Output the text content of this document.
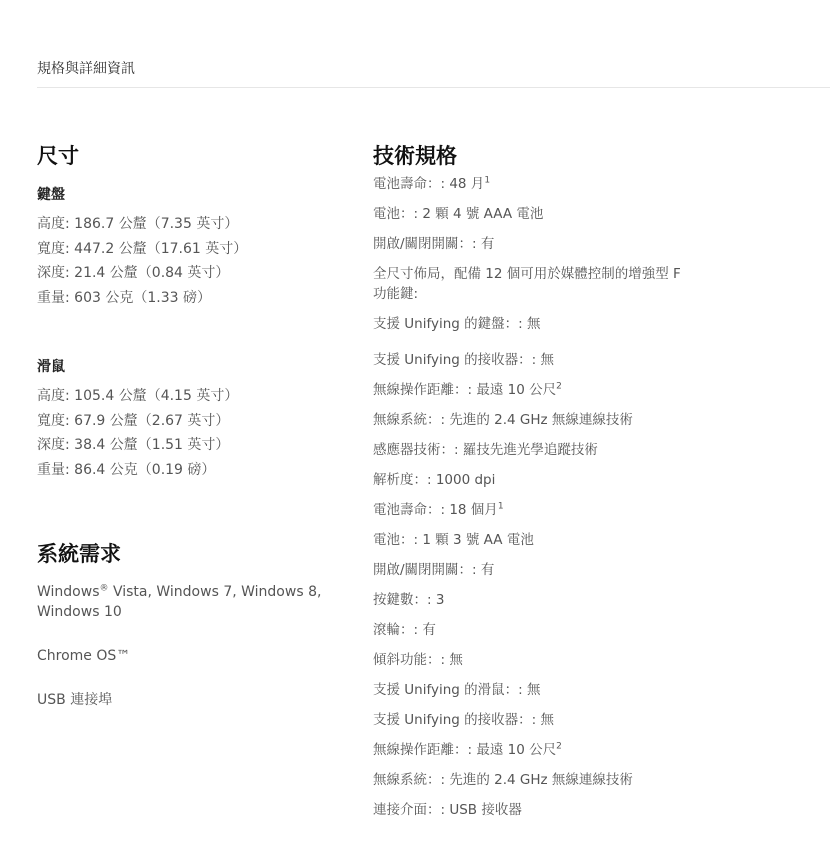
規格與詳細資訊
尺寸
鍵盤
高度: 186.7 公釐（7.35 英寸）
寬度: 447.2 公釐（17.61 英寸）
深度: 21.4 公釐（0.84 英寸）
重量: 603 公克（1.33 磅）
滑鼠
高度: 105.4 公釐（4.15 英寸）
寬度: 67.9 公釐（2.67 英寸）
深度: 38.4 公釐（1.51 英寸）
重量: 86.4 公克（0.19 磅）
系統需求
Windows® Vista, Windows 7, Windows 8, Windows 10
Chrome OS™
USB 連接埠
技術規格
電池壽命：: 48 月$^1$
電池：: 2 顆 4 號 AAA 電池
開啟/關閉開關：: 有
全尺寸佈局，配備 12 個可用於媒體控制的增強型 F 功能鍵:
支援 Unifying 的鍵盤：: 無
支援 Unifying 的接收器：: 無
無線操作距離：: 最遠 10 公尺$^2$
無線系統：: 先進的 2.4 GHz 無線連線技術
感應器技術：: 羅技先進光學追蹤技術
解析度：: 1000 dpi
電池壽命：: 18 個月$^1$
電池：: 1 顆 3 號 AA 電池
開啟/關閉開關：: 有
按鍵數：: 3
滾輪：: 有
傾斜功能：: 無
支援 Unifying 的滑鼠：: 無
支援 Unifying 的接收器：: 無
無線操作距離：: 最遠 10 公尺$^2$
無線系統：: 先進的 2.4 GHz 無線連線技術
連接介面：: USB 接收器
